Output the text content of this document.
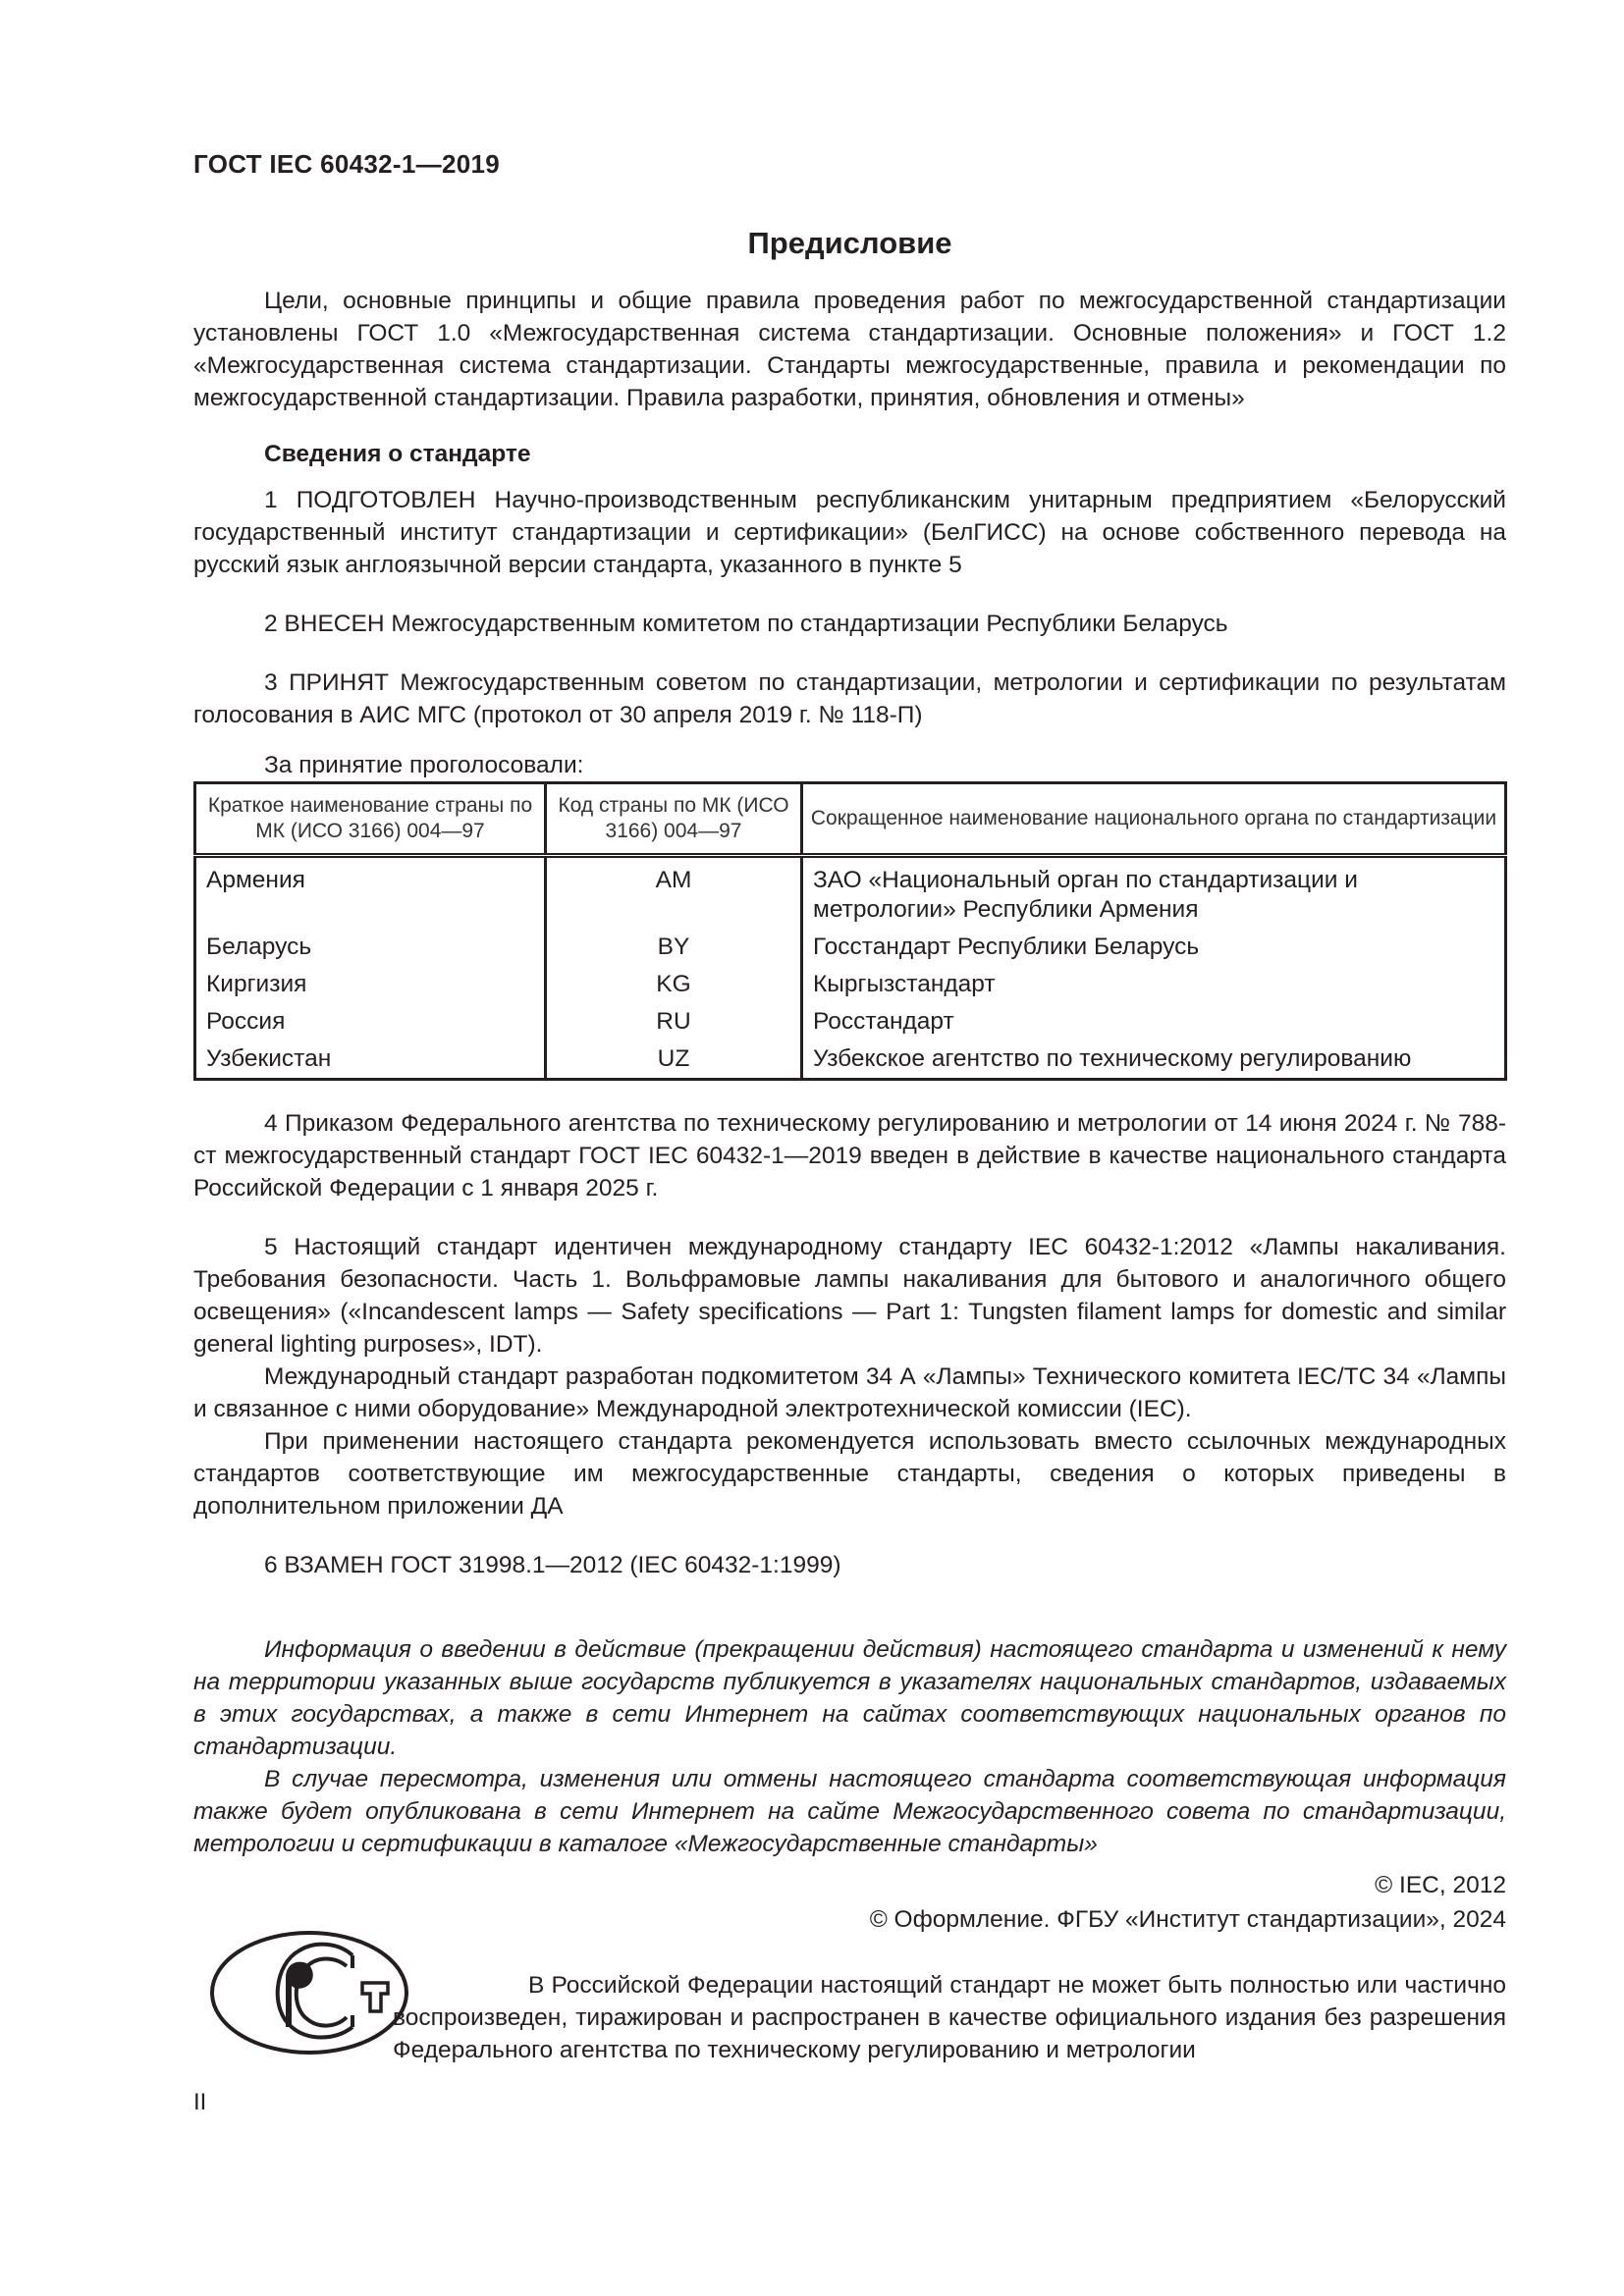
ГОСТ IEC 60432-1—2019
Предисловие

Цели, основные принципы и общие правила проведения работ по межгосударственной стандартизации установлены ГОСТ 1.0 «Межгосударственная система стандартизации. Основные положения» и ГОСТ 1.2 «Межгосударственная система стандартизации. Стандарты межгосударственные, правила и рекомендации по межгосударственной стандартизации. Правила разработки, принятия, обновления и отмены»

Сведения о стандарте

1 ПОДГОТОВЛЕН Научно-производственным республиканским унитарным предприятием «Белорусский государственный институт стандартизации и сертификации» (БелГИСС) на основе собственного перевода на русский язык англоязычной версии стандарта, указанного в пункте 5

2 ВНЕСЕН Межгосударственным комитетом по стандартизации Республики Беларусь

3 ПРИНЯТ Межгосударственным советом по стандартизации, метрологии и сертификации по результатам голосования в АИС МГС (протокол от 30 апреля 2019 г. № 118-П)

За принятие проголосовали:

Краткое наименование страны по МК (ИСО 3166) 004—97	Код страны по МК (ИСО 3166) 004—97	Сокращенное наименование национального органа по стандартизации
Армения	AM	ЗАО «Национальный орган по стандартизации и метрологии» Республики Армения
Беларусь	BY	Госстандарт Республики Беларусь
Киргизия	KG	Кыргызстандарт
Россия	RU	Росстандарт
Узбекистан	UZ	Узбекское агентство по техническому регулированию

4 Приказом Федерального агентства по техническому регулированию и метрологии от 14 июня 2024 г. № 788-ст межгосударственный стандарт ГОСТ IEC 60432-1—2019 введен в действие в качестве национального стандарта Российской Федерации с 1 января 2025 г.

5 Настоящий стандарт идентичен международному стандарту IEC 60432-1:2012 «Лампы накаливания. Требования безопасности. Часть 1. Вольфрамовые лампы накаливания для бытового и аналогичного общего освещения» («Incandescent lamps — Safety specifications — Part 1: Tungsten filament lamps for domestic and similar general lighting purposes», IDT).

Международный стандарт разработан подкомитетом 34 А «Лампы» Технического комитета IEC/TC 34 «Лампы и связанное с ними оборудование» Международной электротехнической комиссии (IEC).

При применении настоящего стандарта рекомендуется использовать вместо ссылочных международных стандартов соответствующие им межгосударственные стандарты, сведения о которых приведены в дополнительном приложении ДА

6 ВЗАМЕН ГОСТ 31998.1—2012 (IEC 60432-1:1999)

Информация о введении в действие (прекращении действия) настоящего стандарта и изменений к нему на территории указанных выше государств публикуется в указателях национальных стандартов, издаваемых в этих государствах, а также в сети Интернет на сайтах соответствующих национальных органов по стандартизации.

В случае пересмотра, изменения или отмены настоящего стандарта соответствующая информация также будет опубликована в сети Интернет на сайте Межгосударственного совета по стандартизации, метрологии и сертификации в каталоге «Межгосударственные стандарты»

© IEC, 2012

© Оформление. ФГБУ «Институт стандартизации», 2024

В Российской Федерации настоящий стандарт не может быть полностью или частично воспроизведен, тиражирован и распространен в качестве официального издания без разрешения Федерального агентства по техническому регулированию и метрологии

II
